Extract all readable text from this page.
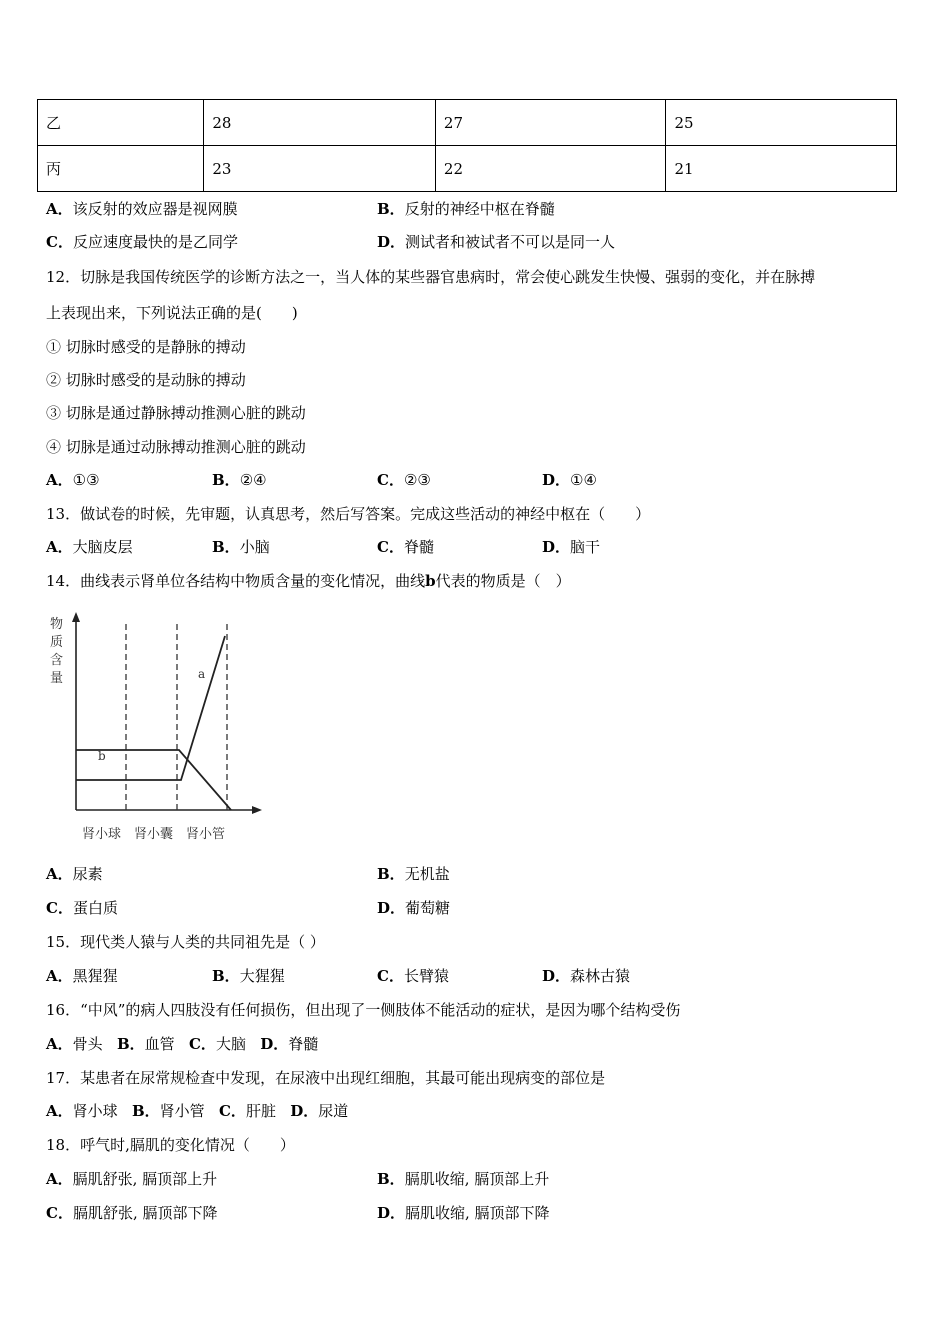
乙	28	27	25
丙	23	22	21
A．该反射的效应器是视网膜	B．反射的神经中枢在脊髓
C．反应速度最快的是乙同学	D．测试者和被试者不可以是同一人
12．切脉是我国传统医学的诊断方法之一，当人体的某些器官患病时，常会使心跳发生快慢、强弱的变化，并在脉搏
上表现出来，下列说法正确的是(　　)
① 切脉时感受的是静脉的搏动
② 切脉时感受的是动脉的搏动
③ 切脉是通过静脉搏动推测心脏的跳动
④ 切脉是通过动脉搏动推测心脏的跳动
A．①③	B．②④	C．②③	D．①④
13．做试卷的时候，先审题，认真思考，然后写答案。完成这些活动的神经中枢在（　　）
A．大脑皮层	B．小脑	C．脊髓	D．脑干
14．曲线表示肾单位各结构中物质含量的变化情况，曲线b代表的物质是（　）
物
质
含
量	a
b
肾小球 肾小囊 肾小管
A．尿素	B．无机盐
C．蛋白质	D．葡萄糖
15．现代类人猿与人类的共同祖先是（ ）
A．黑猩猩	B．大猩猩	C．长臂猿	D．森林古猿
16．“中风”的病人四肢没有任何损伤，但出现了一侧肢体不能活动的症状，是因为哪个结构受伤
A．骨头 B．血管 C．大脑 D．脊髓
17．某患者在尿常规检查中发现，在尿液中出现红细胞，其最可能出现病变的部位是
A．肾小球 B．肾小管 C．肝脏 D．尿道
18．呼气时,膈肌的变化情况（　　）
A．膈肌舒张, 膈顶部上升	B．膈肌收缩, 膈顶部上升
C．膈肌舒张, 膈顶部下降	D．膈肌收缩, 膈顶部下降
